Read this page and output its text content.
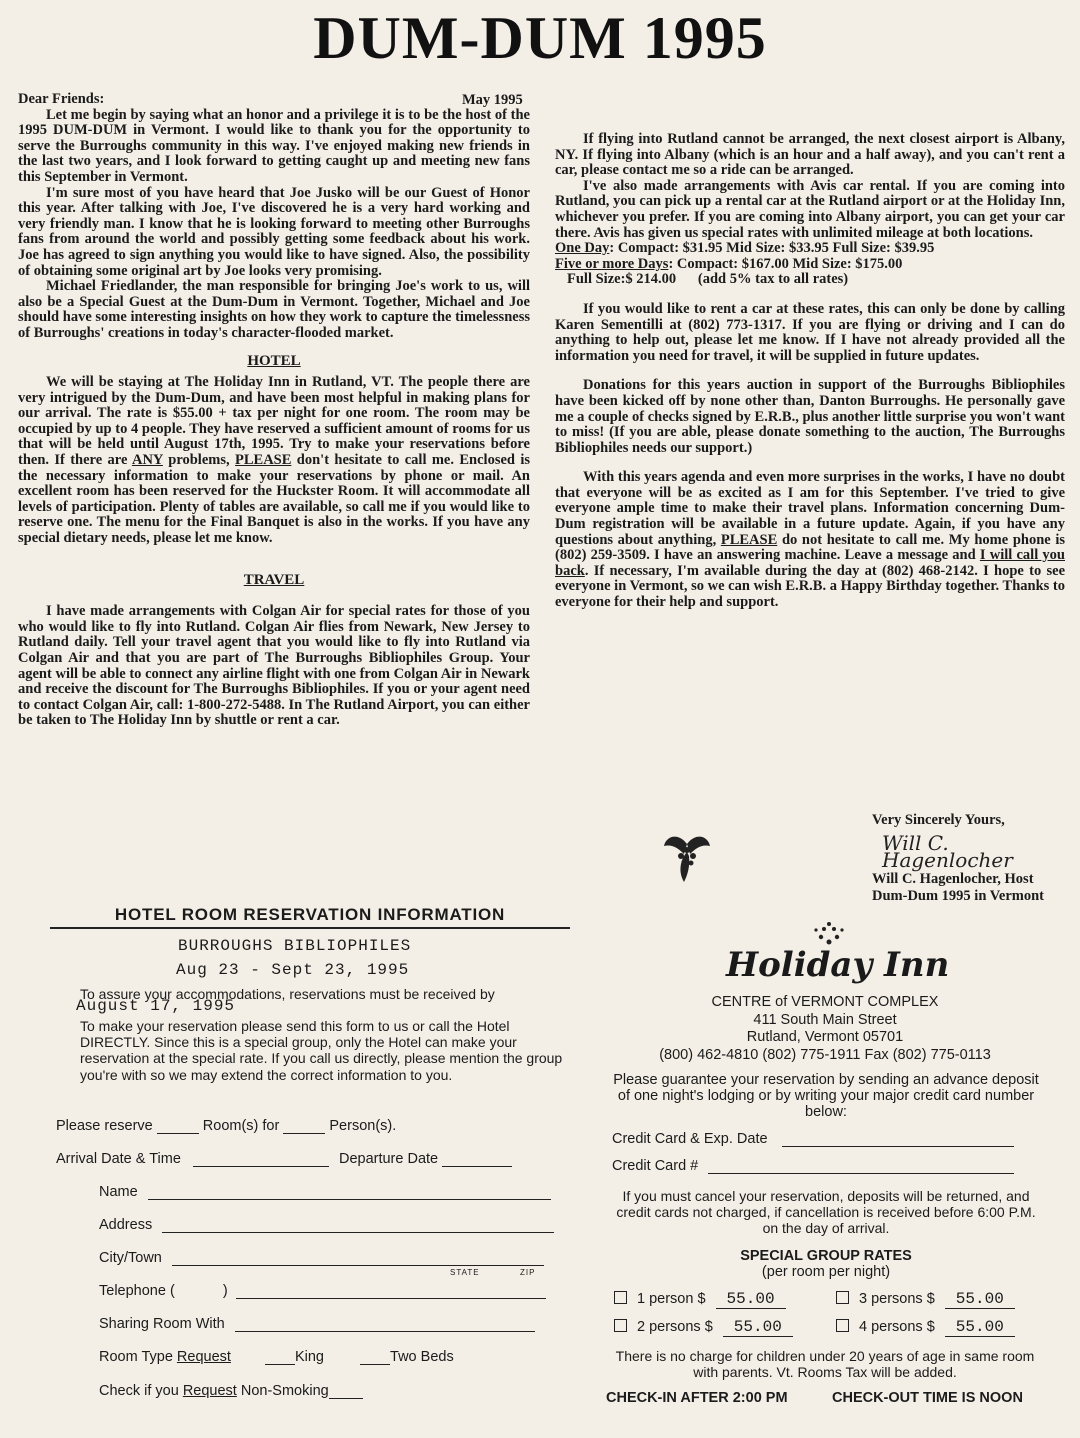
DUM-DUM 1995
May 1995

Dear Friends:

Let me begin by saying what an honor and a privilege it is to be the host of the 1995 DUM-DUM in Vermont. I would like to thank you for the opportunity to serve the Burroughs community in this way. I've enjoyed making new friends in the last two years, and I look forward to getting caught up and meeting new fans this September in Vermont.

I'm sure most of you have heard that Joe Jusko will be our Guest of Honor this year. After talking with Joe, I've discovered he is a very hard working and very friendly man. I know that he is looking forward to meeting other Burroughs fans from around the world and possibly getting some feedback about his work. Joe has agreed to sign anything you would like to have signed. Also, the possibility of obtaining some original art by Joe looks very promising.

Michael Friedlander, the man responsible for bringing Joe's work to us, will also be a Special Guest at the Dum-Dum in Vermont. Together, Michael and Joe should have some interesting insights on how they work to capture the timelessness of Burroughs' creations in today's character-flooded market.

HOTEL

We will be staying at The Holiday Inn in Rutland, VT. The people there are very intrigued by the Dum-Dum, and have been most helpful in making plans for our arrival. The rate is $55.00 + tax per night for one room. The room may be occupied by up to 4 people. They have reserved a sufficient amount of rooms for us that will be held until August 17th, 1995. Try to make your reservations before then. If there are ANY problems, PLEASE don't hesitate to call me. Enclosed is the necessary information to make your reservations by phone or mail. An excellent room has been reserved for the Huckster Room. It will accommodate all levels of participation. Plenty of tables are available, so call me if you would like to reserve one. The menu for the Final Banquet is also in the works. If you have any special dietary needs, please let me know.

TRAVEL

I have made arrangements with Colgan Air for special rates for those of you who would like to fly into Rutland. Colgan Air flies from Newark, New Jersey to Rutland daily. Tell your travel agent that you would like to fly into Rutland via Colgan Air and that you are part of The Burroughs Bibliophiles Group. Your agent will be able to connect any airline flight with one from Colgan Air in Newark and receive the discount for The Burroughs Bibliophiles. If you or your agent need to contact Colgan Air, call: 1-800-272-5488. In The Rutland Airport, you can either be taken to The Holiday Inn by shuttle or rent a car.

If flying into Rutland cannot be arranged, the next closest airport is Albany, NY. If flying into Albany (which is an hour and a half away), and you can't rent a car, please contact me so a ride can be arranged.

I've also made arrangements with Avis car rental. If you are coming into Rutland, you can pick up a rental car at the Rutland airport or at the Holiday Inn, whichever you prefer. If you are coming into Albany airport, you can get your car there. Avis has given us special rates with unlimited mileage at both locations.

One Day: Compact: $31.95 Mid Size: $33.95 Full Size: $39.95

Five or more Days: Compact: $167.00 Mid Size: $175.00
Full Size:$ 214.00 (add 5% tax to all rates)

If you would like to rent a car at these rates, this can only be done by calling Karen Sementilli at (802) 773-1317. If you are flying or driving and I can do anything to help out, please let me know. If I have not already provided all the information you need for travel, it will be supplied in future updates.

Donations for this years auction in support of the Burroughs Bibliophiles have been kicked off by none other than, Danton Burroughs. He personally gave me a couple of checks signed by E.R.B., plus another little surprise you won't want to miss! (If you are able, please donate something to the auction, The Burroughs Bibliophiles needs our support.)

With this years agenda and even more surprises in the works, I have no doubt that everyone will be as excited as I am for this September. I've tried to give everyone ample time to make their travel plans. Information concerning Dum-Dum registration will be available in a future update. Again, if you have any questions about anything, PLEASE do not hesitate to call me. My home phone is (802) 259-3509. I have an answering machine. Leave a message and I will call you back. If necessary, I'm available during the day at (802) 468-2142. I hope to see everyone in Vermont, so we can wish E.R.B. a Happy Birthday together. Thanks to everyone for their help and support.

Very Sincerely Yours,
Will C. Hagenlocher
Will C. Hagenlocher, Host
Dum-Dum 1995 in Vermont
HOTEL ROOM RESERVATION INFORMATION
BURROUGHS BIBLIOPHILES
Aug 23 - Sept 23, 1995
To assure your accommodations, reservations must be received by
August 17, 1995
To make your reservation please send this form to us or call the Hotel DIRECTLY. Since this is a special group, only the Hotel can make your reservation at the special rate. If you call us directly, please mention the group you're with so we may extend the correct information to you.
Please reserve	Room(s) for	Person(s).
Arrival Date & Time	Departure Date
Name
Address
City/Town
STATE	ZIP
Telephone (	)
Sharing Room With
Room Type Request	King	Two Beds
Check if you Request Non-Smoking
Holiday Inn
CENTRE of VERMONT COMPLEX
411 South Main Street
Rutland, Vermont 05701
(800) 462-4810 (802) 775-1911 Fax (802) 775-0113
Please guarantee your reservation by sending an advance deposit of one night's lodging or by writing your major credit card number below:
Credit Card & Exp. Date
Credit Card #
If you must cancel your reservation, deposits will be returned, and credit cards not charged, if cancellation is received before 6:00 P.M. on the day of arrival.
SPECIAL GROUP RATES
(per room per night)
1 person $ 55.00	3 persons $ 55.00
2 persons $ 55.00	4 persons $ 55.00
There is no charge for children under 20 years of age in same room with parents. Vt. Rooms Tax will be added.
CHECK-IN AFTER 2:00 PM	CHECK-OUT TIME IS NOON
